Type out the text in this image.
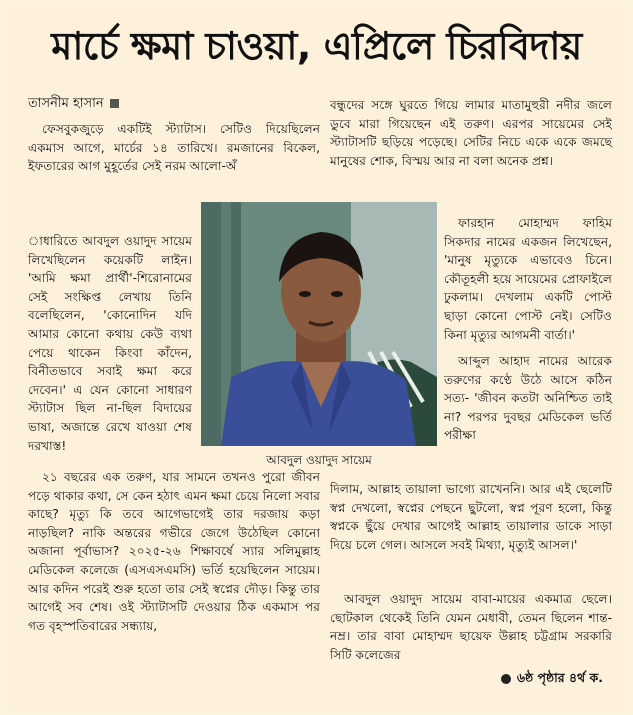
মার্চে ক্ষমা চাওয়া, এপ্রিলে চিরবিদায়
তাসনীম হাসান

ফেসবুকজুড়ে একটিই স্ট্যাটাস। সেটিও দিয়েছিলেন একমাস আগে, মার্চের ১৪ তারিখে। রমজানের বিকেল, ইফতারের আগ মুহূর্তের সেই নরম আলো-অঁ

াধারিতে আবদুল ওয়াদুদ সায়েম লিখেছিলেন কয়েকটি লাইন। 'আমি ক্ষমা প্রার্থী'-শিরোনামের সেই সংক্ষিপ্ত লেখায় তিনি বলেছিলেন, 'কোনোদিন যদি আমার কোনো কথায় কেউ ব্যথা পেয়ে থাকেন কিংবা কাঁদেন, বিনীতভাবে সবাই ক্ষমা করে দেবেন।' এ যেন কোনো সাধারণ স্ট্যাটাস ছিল না-ছিল বিদায়ের ভাষা, অজান্তে রেখে যাওয়া শেষ দরখাস্ত!

২১ বছরের এক তরুণ, যার সামনে তখনও পুরো জীবন পড়ে থাকার কথা, সে কেন হঠাৎ এমন ক্ষমা চেয়ে নিলো সবার কাছে? মৃত্যু কি তবে আগেভাগেই তার দরজায় কড়া নাড়ছিল? নাকি অন্তরের গভীরে জেগে উঠেছিল কোনো অজানা পূর্বাভাস? ২০২৫-২৬ শিক্ষাবর্ষে স্যার সলিমুল্লাহ মেডিকেল কলেজে (এসএসএমসি) ভর্তি হয়েছিলেন সায়েম। আর কদিন পরেই শুরু হতো তার সেই স্বপ্নের দৌড়। কিন্তু তার আগেই সব শেষ। ওই স্ট্যাটাসটি দেওয়ার ঠিক একমাস পর গত বৃহস্পতিবারের সন্ধ্যায়,

বন্ধুদের সঙ্গে ঘুরতে গিয়ে লামার মাতামুহুরী নদীর জলে ডুবে মারা গিয়েছেন এই তরুণ। এরপর সায়েমের সেই স্ট্যাটাসটি ছড়িয়ে পড়েছে। সেটির নিচে একে একে জমছে মানুষের শোক, বিস্ময় আর না বলা অনেক প্রশ্ন।

ফারহান মোহাম্মদ ফাহিম সিকদার নামের একজন লিখেছেন, 'মানুষ মৃত্যুকে এভাবেও চিনে। কৌতূহলী হয়ে সায়েমের প্রোফাইলে ঢুকলাম। দেখলাম একটি পোস্ট ছাড়া কোনো পোস্ট নেই। সেটিও কিনা মৃত্যুর আগমনী বার্তা।'

আব্দুল আহাদ নামের আরেক তরুণের কণ্ঠে উঠে আসে কঠিন সত্য- 'জীবন কতটা অনিশ্চিত তাই না? পরপর দুবছর মেডিকেল ভর্তি পরীক্ষা

দিলাম, আল্লাহ তায়ালা ভাগ্যে রাখেননি। আর এই ছেলেটি স্বপ্ন দেখলো, স্বপ্নের পেছনে ছুটলো, স্বপ্ন পূরণ হলো, কিন্তু স্বপ্নকে ছুঁয়ে দেখার আগেই আল্লাহ তায়ালার ডাকে সাড়া দিয়ে চলে গেল। আসলে সবই মিথ্যা, মৃত্যুই আসল।'

আবদুল ওয়াদুদ সায়েম বাবা-মায়ের একমাত্র ছেলে। ছোটকাল থেকেই তিনি যেমন মেধাবী, তেমন ছিলেন শান্ত-নম্র। তার বাবা মোহাম্মদ ছায়েফ উল্লাহ চট্টগ্রাম সরকারি সিটি কলেজের

আবদুল ওয়াদুদ সায়েম
৬ষ্ঠ পৃষ্ঠার ৪র্থ ক.
